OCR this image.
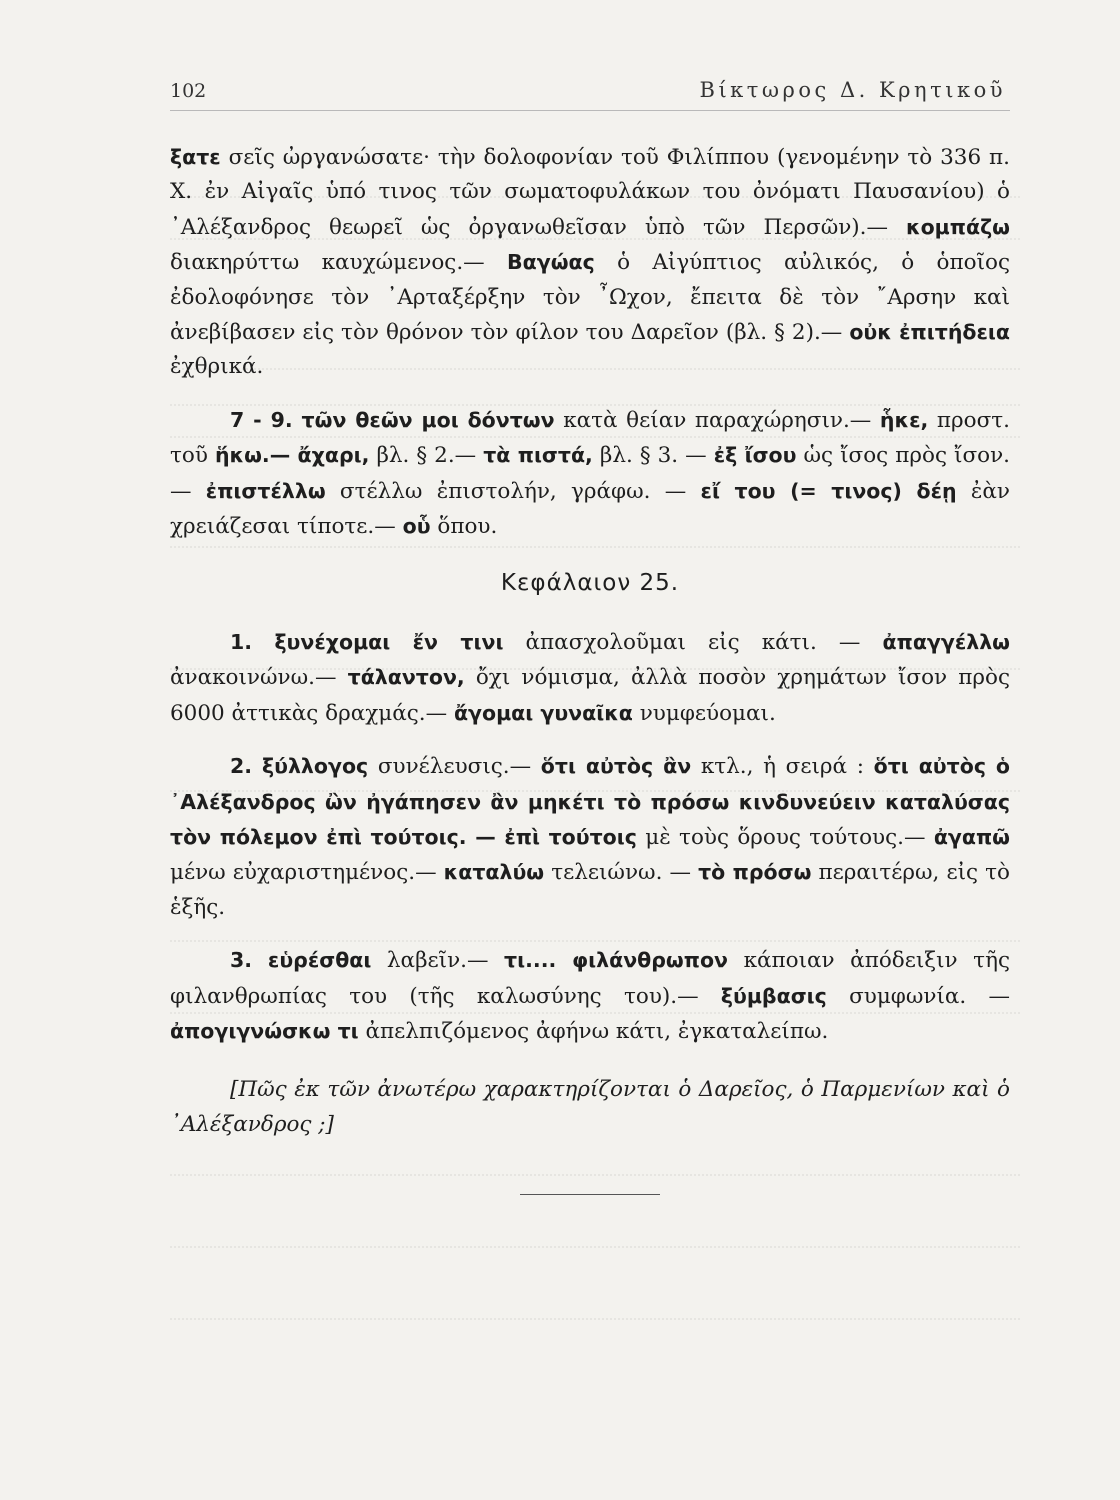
102	Βίκτωρος Δ. Κρητικοῦ

ξατε σεῖς ὠργανώσατε· τὴν δολοφονίαν τοῦ Φιλίππου (γενομένην τὸ 336 π. Χ. ἐν Αἰγαῖς ὑπό τινος τῶν σωματοφυλάκων του ὀνόματι Παυσανίου) ὁ ᾿Αλέξανδρος θεωρεῖ ὡς ὀργανωθεῖσαν ὑπὸ τῶν Περσῶν).— κομπάζω διακηρύττω καυχώμενος.— Βαγώας ὁ Αἰγύπτιος αὐλικός, ὁ ὁποῖος ἐδολοφόνησε τὸν ᾿Αρταξέρξην τὸν ῏Ωχον, ἔπειτα δὲ τὸν ῎Αρσην καὶ ἀνεβίβασεν εἰς τὸν θρόνον τὸν φίλον του Δαρεῖον (βλ. § 2).— οὐκ ἐπιτήδεια ἐχθρικά.

7 - 9. τῶν θεῶν μοι δόντων κατὰ θείαν παραχώρησιν.— ἧκε, προστ. τοῦ ἥκω.— ἄχαρι, βλ. § 2.— τὰ πιστά, βλ. § 3. — ἐξ ἴσου ὡς ἴσος πρὸς ἴσον.— ἐπιστέλλω στέλλω ἐπιστολήν, γράφω. — εἴ του (= τινος) δέῃ ἐὰν χρειάζεσαι τίποτε.— οὗ ὅπου.

Κεφάλαιον 25.

1. ξυνέχομαι ἔν τινι ἀπασχολοῦμαι εἰς κάτι. — ἀπαγγέλλω ἀνακοινώνω.— τάλαντον, ὄχι νόμισμα, ἀλλὰ ποσὸν χρημάτων ἴσον πρὸς 6000 ἀττικὰς δραχμάς.— ἄγομαι γυναῖκα νυμφεύομαι.

2. ξύλλογος συνέλευσις.— ὅτι αὐτὸς ἂν κτλ., ἡ σειρά : ὅτι αὐτὸς ὁ ᾿Αλέξανδρος ὢν ἠγάπησεν ἂν μηκέτι τὸ πρόσω κινδυνεύειν καταλύσας τὸν πόλεμον ἐπὶ τούτοις. — ἐπὶ τούτοις μὲ τοὺς ὅρους τούτους.— ἀγαπῶ μένω εὐχαριστημένος.— καταλύω τελειώνω. — τὸ πρόσω περαιτέρω, εἰς τὸ ἑξῆς.

3. εὑρέσθαι λαβεῖν.— τι.... φιλάνθρωπον κάποιαν ἀπόδειξιν τῆς φιλανθρωπίας του (τῆς καλωσύνης του).— ξύμβασις συμφωνία. — ἀπογιγνώσκω τι ἀπελπιζόμενος ἀφήνω κάτι, ἐγκαταλείπω.

[Πῶς ἐκ τῶν ἀνωτέρω χαρακτηρίζονται ὁ Δαρεῖος, ὁ Παρμενίων καὶ ὁ ᾿Αλέξανδρος ;]
